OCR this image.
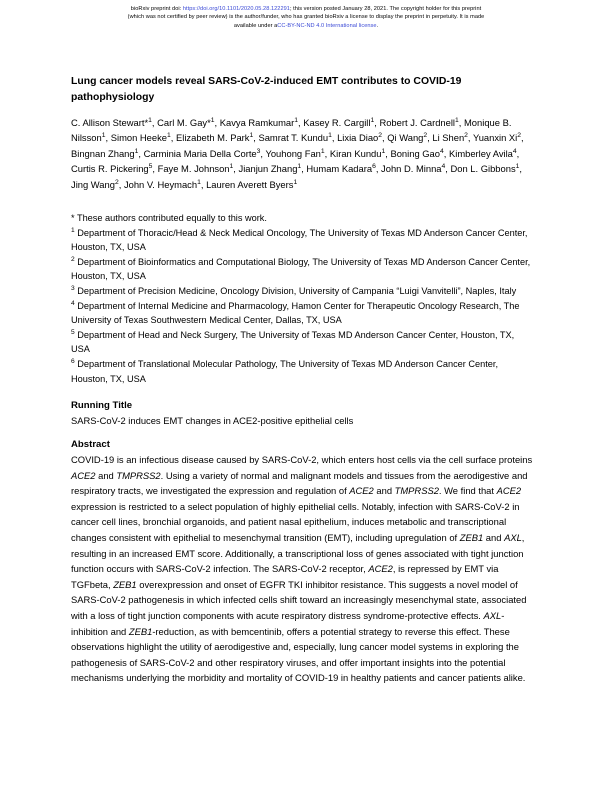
bioRxiv preprint doi: https://doi.org/10.1101/2020.05.28.122291; this version posted January 28, 2021. The copyright holder for this preprint
(which was not certified by peer review) is the author/funder, who has granted bioRxiv a license to display the preprint in perpetuity. It is made
available under aCC-BY-NC-ND 4.0 International license.
Lung cancer models reveal SARS-CoV-2-induced EMT contributes to COVID-19 pathophysiology
C. Allison Stewart*$^1$, Carl M. Gay*$^1$, Kavya Ramkumar$^1$, Kasey R. Cargill$^1$, Robert J. Cardnell$^1$, Monique B. Nilsson$^1$, Simon Heeke$^1$, Elizabeth M. Park$^1$, Samrat T. Kundu$^1$, Lixia Diao$^2$, Qi Wang$^2$, Li Shen$^2$, Yuanxin Xi$^2$, Bingnan Zhang$^1$, Carminia Maria Della Corte$^3$, Youhong Fan$^1$, Kiran Kundu$^1$, Boning Gao$^4$, Kimberley Avila$^4$, Curtis R. Pickering$^5$, Faye M. Johnson$^1$, Jianjun Zhang$^1$, Humam Kadara$^6$, John D. Minna$^4$, Don L. Gibbons$^1$, Jing Wang$^2$, John V. Heymach$^1$, Lauren Averett Byers$^1$

* These authors contributed equally to this work.

$^1$ Department of Thoracic/Head & Neck Medical Oncology, The University of Texas MD Anderson Cancer Center, Houston, TX, USA

$^2$ Department of Bioinformatics and Computational Biology, The University of Texas MD Anderson Cancer Center, Houston, TX, USA

$^3$ Department of Precision Medicine, Oncology Division, University of Campania “Luigi Vanvitelli”, Naples, Italy

$^4$ Department of Internal Medicine and Pharmacology, Hamon Center for Therapeutic Oncology Research, The University of Texas Southwestern Medical Center, Dallas, TX, USA

$^5$ Department of Head and Neck Surgery, The University of Texas MD Anderson Cancer Center, Houston, TX, USA

$^6$ Department of Translational Molecular Pathology, The University of Texas MD Anderson Cancer Center, Houston, TX, USA

Running Title

SARS-CoV-2 induces EMT changes in ACE2-positive epithelial cells

Abstract

COVID-19 is an infectious disease caused by SARS-CoV-2, which enters host cells via the cell surface proteins ACE2 and TMPRSS2. Using a variety of normal and malignant models and tissues from the aerodigestive and respiratory tracts, we investigated the expression and regulation of ACE2 and TMPRSS2. We find that ACE2 expression is restricted to a select population of highly epithelial cells. Notably, infection with SARS-CoV-2 in cancer cell lines, bronchial organoids, and patient nasal epithelium, induces metabolic and transcriptional changes consistent with epithelial to mesenchymal transition (EMT), including upregulation of ZEB1 and AXL, resulting in an increased EMT score. Additionally, a transcriptional loss of genes associated with tight junction function occurs with SARS-CoV-2 infection. The SARS-CoV-2 receptor, ACE2, is repressed by EMT via TGFbeta, ZEB1 overexpression and onset of EGFR TKI inhibitor resistance. This suggests a novel model of SARS-CoV-2 pathogenesis in which infected cells shift toward an increasingly mesenchymal state, associated with a loss of tight junction components with acute respiratory distress syndrome-protective effects. AXL-inhibition and ZEB1-reduction, as with bemcentinib, offers a potential strategy to reverse this effect. These observations highlight the utility of aerodigestive and, especially, lung cancer model systems in exploring the pathogenesis of SARS-CoV-2 and other respiratory viruses, and offer important insights into the potential mechanisms underlying the morbidity and mortality of COVID-19 in healthy patients and cancer patients alike.
